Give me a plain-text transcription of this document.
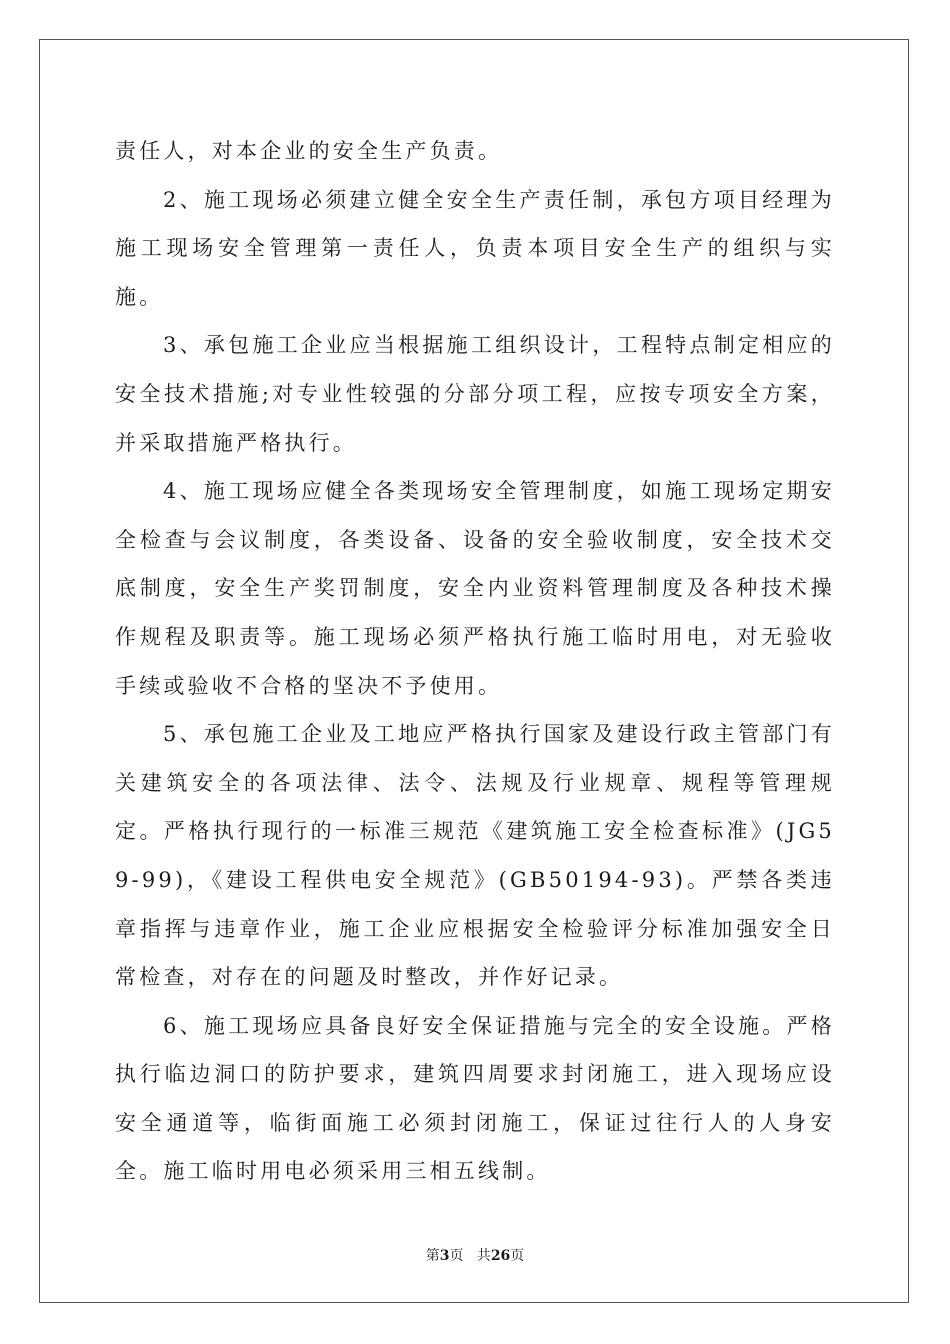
责任人，对本企业的安全生产负责。

2、施工现场必须建立健全安全生产责任制，承包方项目经理为施工现场安全管理第一责任人，负责本项目安全生产的组织与实施。

3、承包施工企业应当根据施工组织设计，工程特点制定相应的安全技术措施;对专业性较强的分部分项工程，应按专项安全方案，并采取措施严格执行。

4、施工现场应健全各类现场安全管理制度，如施工现场定期安全检查与会议制度，各类设备、设备的安全验收制度，安全技术交底制度，安全生产奖罚制度，安全内业资料管理制度及各种技术操作规程及职责等。施工现场必须严格执行施工临时用电，对无验收手续或验收不合格的坚决不予使用。

5、承包施工企业及工地应严格执行国家及建设行政主管部门有关建筑安全的各项法律、法令、法规及行业规章、规程等管理规定。严格执行现行的一标准三规范《建筑施工安全检查标准》(JG59-99)，《建设工程供电安全规范》(GB50194-93)。严禁各类违章指挥与违章作业，施工企业应根据安全检验评分标准加强安全日常检查，对存在的问题及时整改，并作好记录。

6、施工现场应具备良好安全保证措施与完全的安全设施。严格执行临边洞口的防护要求，建筑四周要求封闭施工，进入现场应设安全通道等，临街面施工必须封闭施工，保证过往行人的人身安全。施工临时用电必须采用三相五线制。

第3页   共26页
